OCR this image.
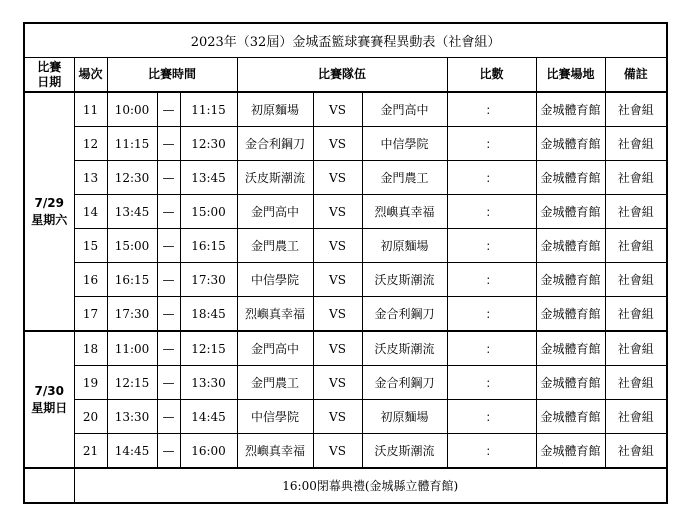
2023年（32屆）金城盃籃球賽賽程異動表（社會組）										
比賽
日期	場次	比賽時間			比賽隊伍			比數	比賽場地	備註
7/29
星期六	11	10:00	—	11:15	初原麵場	VS	金門高中	：	金城體育館	社會組
	12	11:15	—	12:30	金合利鋼刀	VS	中信學院	：	金城體育館	社會組
	13	12:30	—	13:45	沃皮斯潮流	VS	金門農工	：	金城體育館	社會組
	14	13:45	—	15:00	金門高中	VS	烈嶼真幸福	：	金城體育館	社會組
	15	15:00	—	16:15	金門農工	VS	初原麵場	：	金城體育館	社會組
	16	16:15	—	17:30	中信學院	VS	沃皮斯潮流	：	金城體育館	社會組
	17	17:30	—	18:45	烈嶼真幸福	VS	金合利鋼刀	：	金城體育館	社會組
7/30
星期日	18	11:00	—	12:15	金門高中	VS	沃皮斯潮流	：	金城體育館	社會組
	19	12:15	—	13:30	金門農工	VS	金合利鋼刀	：	金城體育館	社會組
	20	13:30	—	14:45	中信學院	VS	初原麵場	：	金城體育館	社會組
	21	14:45	—	16:00	烈嶼真幸福	VS	沃皮斯潮流	：	金城體育館	社會組
	16:00閉幕典禮(金城縣立體育館)									
